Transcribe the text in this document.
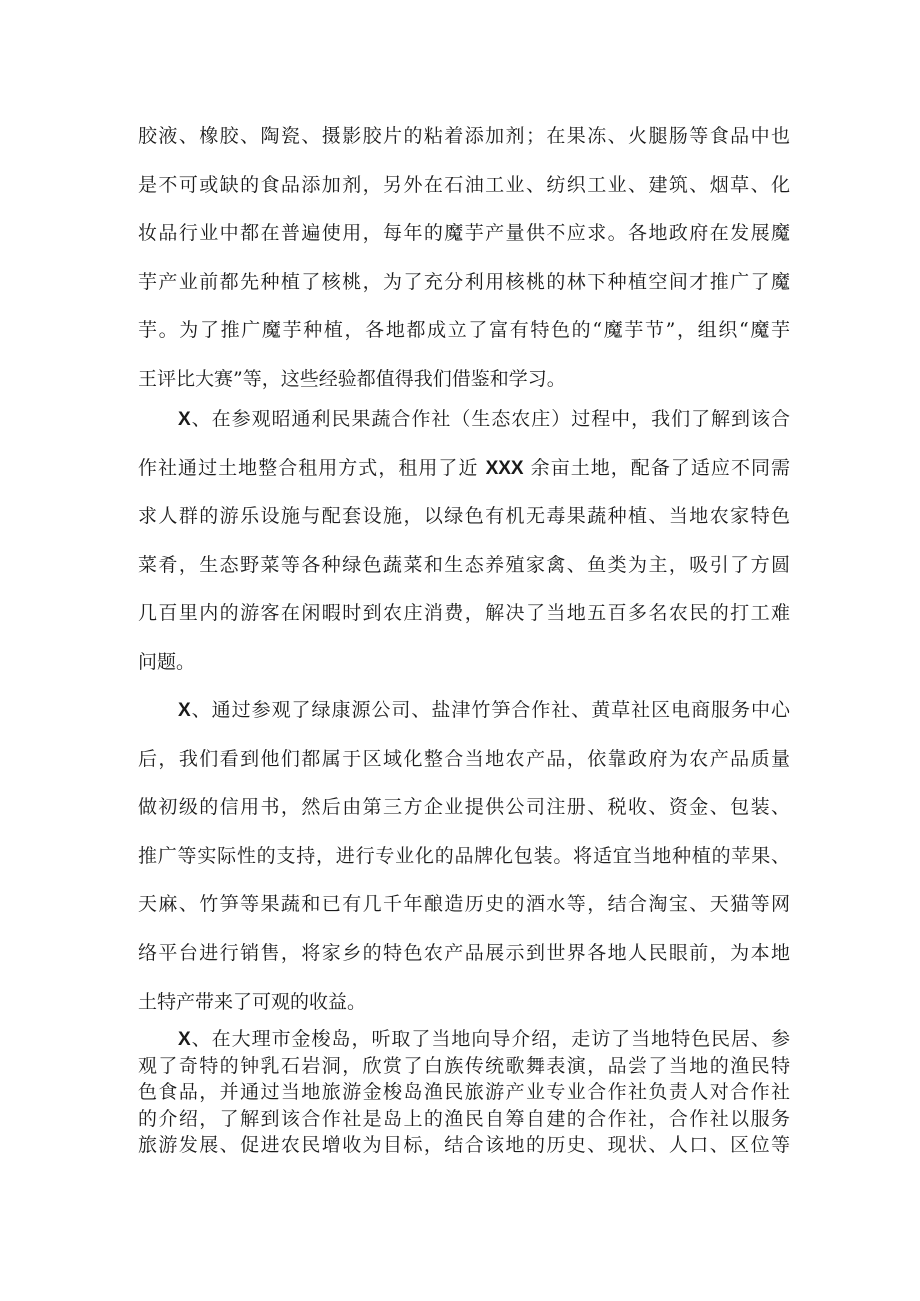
胶液、橡胶、陶瓷、摄影胶片的粘着添加剂；在果冻、火腿肠等食品中也
是不可或缺的食品添加剂，另外在石油工业、纺织工业、建筑、烟草、化
妆品行业中都在普遍使用，每年的魔芋产量供不应求。各地政府在发展魔
芋产业前都先种植了核桃，为了充分利用核桃的林下种植空间才推广了魔
芋。为了推广魔芋种植，各地都成立了富有特色的“魔芋节”，组织“魔芋
王评比大赛”等，这些经验都值得我们借鉴和学习。
X、在参观昭通利民果蔬合作社（生态农庄）过程中，我们了解到该合
作社通过土地整合租用方式，租用了近 XXX 余亩土地，配备了适应不同需
求人群的游乐设施与配套设施，以绿色有机无毒果蔬种植、当地农家特色
菜肴，生态野菜等各种绿色蔬菜和生态养殖家禽、鱼类为主，吸引了方圆
几百里内的游客在闲暇时到农庄消费，解决了当地五百多名农民的打工难
问题。
X、通过参观了绿康源公司、盐津竹笋合作社、黄草社区电商服务中心
后，我们看到他们都属于区域化整合当地农产品，依靠政府为农产品质量
做初级的信用书，然后由第三方企业提供公司注册、税收、资金、包装、
推广等实际性的支持，进行专业化的品牌化包装。将适宜当地种植的苹果、
天麻、竹笋等果蔬和已有几千年酿造历史的酒水等，结合淘宝、天猫等网
络平台进行销售，将家乡的特色农产品展示到世界各地人民眼前，为本地
土特产带来了可观的收益。
X、在大理市金梭岛，听取了当地向导介绍，走访了当地特色民居、参
观了奇特的钟乳石岩洞，欣赏了白族传统歌舞表演，品尝了当地的渔民特
色食品，并通过当地旅游金梭岛渔民旅游产业专业合作社负责人对合作社
的介绍，了解到该合作社是岛上的渔民自筹自建的合作社，合作社以服务
旅游发展、促进农民增收为目标，结合该地的历史、现状、人口、区位等
